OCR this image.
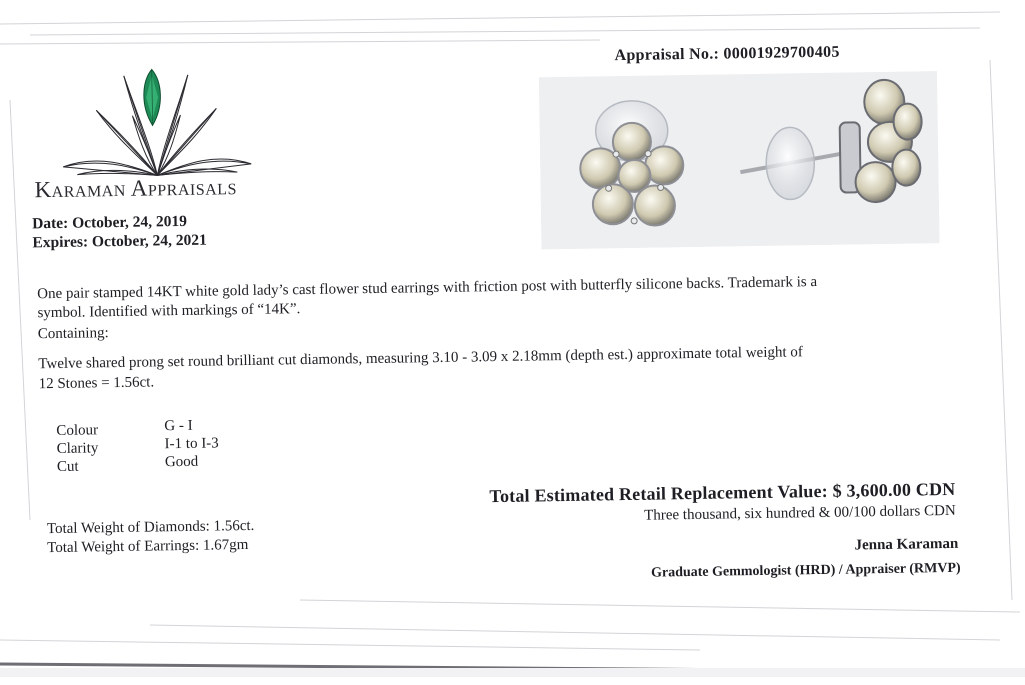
Appraisal No.: 00001929700405
Karaman Appraisals
Date: October, 24, 2019
Expires: October, 24, 2021
One pair stamped 14KT white gold lady’s cast flower stud earrings with friction post with butterfly silicone backs. Trademark is a
symbol. Identified with markings of “14K”.
Containing:
Twelve shared prong set round brilliant cut diamonds, measuring 3.10 - 3.09 x 2.18mm (depth est.) approximate total weight of
12 Stones = 1.56ct.
Colour	G - I
Clarity	I-1 to I-3
Cut	Good
Total Weight of Diamonds: 1.56ct.
Total Weight of Earrings: 1.67gm
Total Estimated Retail Replacement Value: $ 3,600.00 CDN
Three thousand, six hundred & 00/100 dollars CDN
Jenna Karaman
Graduate Gemmologist (HRD) / Appraiser (RMVP)
